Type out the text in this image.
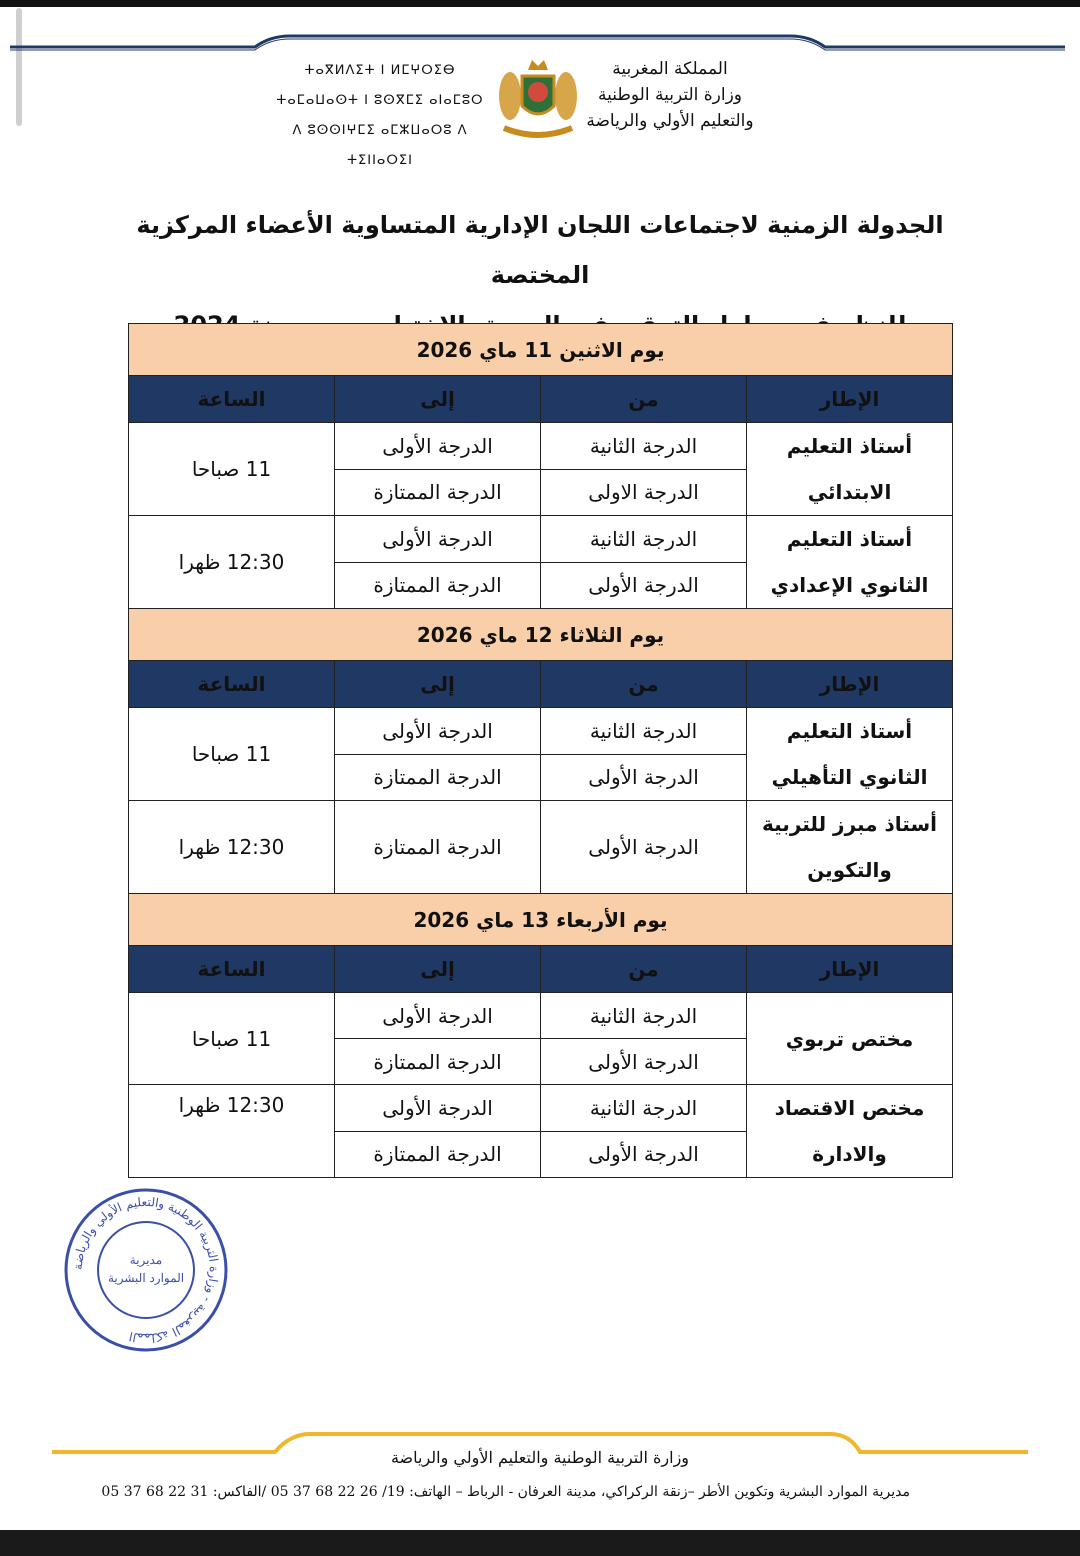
المملكة المغربية
وزارة التربية الوطنية
والتعليم الأولي والرياضة
ⵜⴰⴳⵍⴷⵉⵜ ⵏ ⵍⵎⵖⵔⵉⴱ
ⵜⴰⵎⴰⵡⴰⵙⵜ ⵏ ⵓⵙⴳⵎⵉ ⴰⵏⴰⵎⵓⵔ
ⴷ ⵓⵙⵙⵏⵖⵎⵉ ⴰⵎⵣⵡⴰⵔⵓ ⴷ ⵜⵉⵏⵏⴰⵔⵉⵏ
الجدولة الزمنية لاجتماعات اللجان الإدارية المتساوية الأعضاء المركزية المختصة
يوم الاثنين 11 ماي 2026			
الإطار	من	إلى	الساعة

أستاذ التعليم
الابتدائي	الدرجة الثانية	الدرجة الأولى	11 صباحا
	الدرجة الاولى	الدرجة الممتازة	

أستاذ التعليم
الثانوي الإعدادي	الدرجة الثانية	الدرجة الأولى	12:30 ظهرا
	الدرجة الأولى	الدرجة الممتازة	
يوم الثلاثاء 12 ماي 2026			
الإطار	من	إلى	الساعة

أستاذ التعليم
الثانوي التأهيلي	الدرجة الثانية	الدرجة الأولى	11 صباحا
	الدرجة الأولى	الدرجة الممتازة	

أستاذ مبرز للتربية
والتكوين	الدرجة الأولى	الدرجة الممتازة	12:30 ظهرا
يوم الأربعاء 13 ماي 2026			
الإطار	من	إلى	الساعة

مختص تربوي	الدرجة الثانية	الدرجة الأولى	11 صباحا
	الدرجة الأولى	الدرجة الممتازة	

مختص الاقتصاد
والادارة	الدرجة الثانية	الدرجة الأولى	12:30 ظهرا
	الدرجة الأولى	الدرجة الممتازة	
المملكة المغربية - وزارة التربية الوطنية والتعليم الأولي والرياضة
مديرية
الموارد البشرية
وزارة التربية الوطنية والتعليم الأولي والرياضة
مديرية الموارد البشرية وتكوين الأطر –زنقة الركراكي، مدينة العرفان - الرباط – الهاتف: 19/ 26 22 68 37 05 /الفاكس: 31 22 68 37 05
